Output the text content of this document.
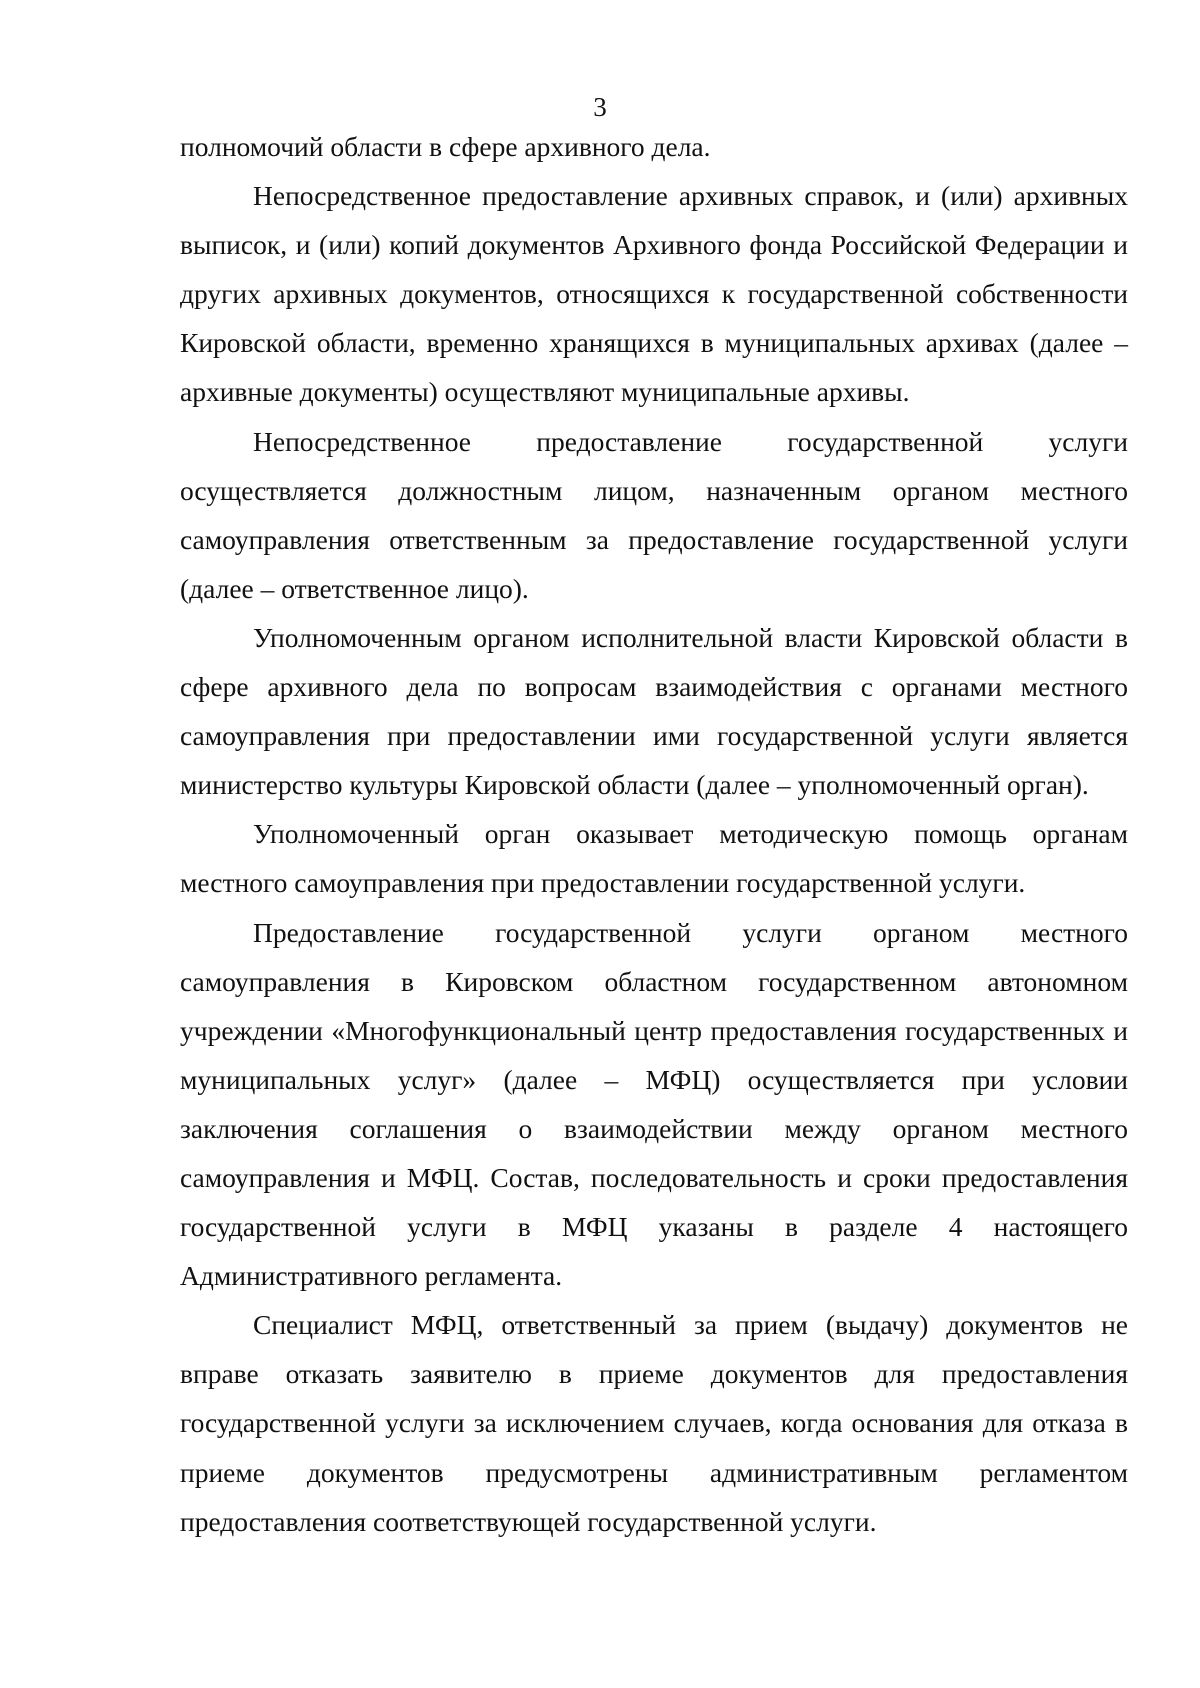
3

полномочий области в сфере архивного дела.

Непосредственное предоставление архивных справок, и (или) архивных выписок, и (или) копий документов Архивного фонда Российской Федерации и других архивных документов, относящихся к государственной собственности Кировской области, временно хранящихся в муниципальных архивах (далее – архивные документы) осуществляют муниципальные архивы.

Непосредственное предоставление государственной услуги осуществляется должностным лицом, назначенным органом местного самоуправления ответственным за предоставление государственной услуги (далее – ответственное лицо).

Уполномоченным органом исполнительной власти Кировской области в сфере архивного дела по вопросам взаимодействия с органами местного самоуправления при предоставлении ими государственной услуги является министерство культуры Кировской области (далее – уполномоченный орган).

Уполномоченный орган оказывает методическую помощь органам местного самоуправления при предоставлении государственной услуги.

Предоставление государственной услуги органом местного самоуправления в Кировском областном государственном автономном учреждении «Многофункциональный центр предоставления государственных и муниципальных услуг» (далее – МФЦ) осуществляется при условии заключения соглашения о взаимодействии между органом местного самоуправления и МФЦ. Состав, последовательность и сроки предоставления государственной услуги в МФЦ указаны в разделе 4 настоящего Административного регламента.

Специалист МФЦ, ответственный за прием (выдачу) документов не вправе отказать заявителю в приеме документов для предоставления государственной услуги за исключением случаев, когда основания для отказа в приеме документов предусмотрены административным регламентом предоставления соответствующей государственной услуги.
